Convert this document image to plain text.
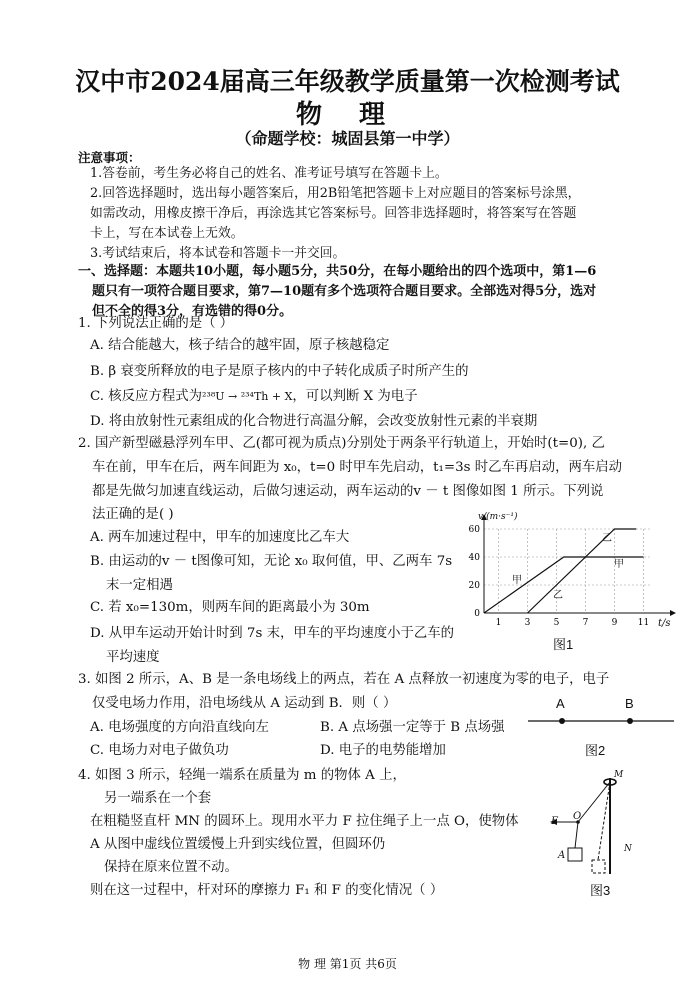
汉中市2024届高三年级教学质量第一次检测考试
物 理
（命题学校：城固县第一中学）
注意事项：
1.答卷前，考生务必将自己的姓名、准考证号填写在答题卡上。
2.回答选择题时，选出每小题答案后，用2B铅笔把答题卡上对应题目的答案标号涂黑，
如需改动，用橡皮擦干净后，再涂选其它答案标号。回答非选择题时，将答案写在答题
卡上，写在本试卷上无效。
3.考试结束后，将本试卷和答题卡一并交回。
一、选择题：本题共10小题，每小题5分，共50分，在每小题给出的四个选项中，第1—6
题只有一项符合题目要求，第7—10题有多个选项符合题目要求。全部选对得5分，选对
但不全的得3分，有选错的得0分。
1. 下列说法正确的是（ ）
A. 结合能越大，核子结合的越牢固，原子核越稳定
B. β 衰变所释放的电子是原子核内的中子转化成质子时所产生的
C. 核反应方程式为²³⁸U → ²³⁴Th + X，可以判断 X 为电子
D. 将由放射性元素组成的化合物进行高温分解，会改变放射性元素的半衰期
2. 国产新型磁悬浮列车甲、乙(都可视为质点)分别处于两条平行轨道上，开始时(t=0), 乙
车在前，甲车在后，两车间距为 x₀，t=0 时甲车先启动，t₁=3s 时乙车再启动，两车启动
都是先做匀加速直线运动，后做匀速运动，两车运动的v － t 图像如图 1 所示。下列说
法正确的是( )
A. 两车加速过程中，甲车的加速度比乙车大
B. 由运动的v － t图像可知，无论 x₀ 取何值，甲、乙两车 7s
末一定相遇
C. 若 x₀=130m，则两车间的距离最小为 30m
D. 从甲车运动开始计时到 7s 末，甲车的平均速度小于乙车的
平均速度
1	3	5	7	9 11
0
20
40
60
v/(m·s⁻¹)
t/s
甲
乙
甲
乙
图1
3. 如图 2 所示，A、B 是一条电场线上的两点，若在 A 点释放一初速度为零的电子，电子
仅受电场力作用，沿电场线从 A 运动到 B．则（ ）
A. 电场强度的方向沿直线向左	B. A 点场强一定等于 B 点场强
C. 电场力对电子做负功	D. 电子的电势能增加
A	B
图2
4. 如图 3 所示，轻绳一端系在质量为 m 的物体 A 上，
另一端系在一个套
在粗糙竖直杆 MN 的圆环上。现用水平力 F 拉住绳子上一点 O，使物体
A 从图中虚线位置缓慢上升到实线位置，但圆环仍
保持在原来位置不动。
则在这一过程中，杆对环的摩擦力 F₁ 和 F 的变化情况（ ）
M
N
F O
A
图3
物 理 第1页 共6页
